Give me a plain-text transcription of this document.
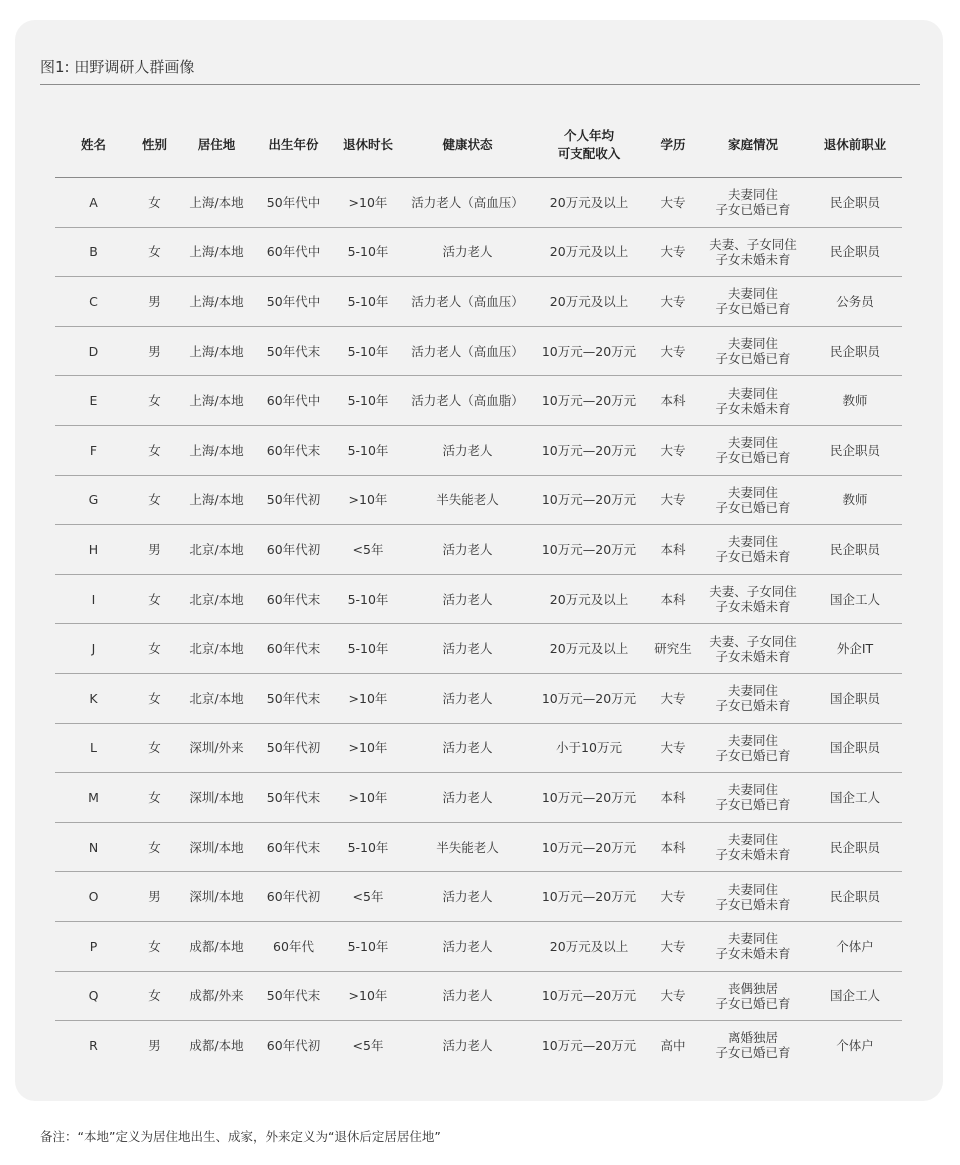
图1: 田野调研人群画像
姓名	性别	居住地	出生年份	退休时长	健康状态	个人年均
可支配收入	学历	家庭情况	退休前职业

A	女	上海/本地	50年代中	>10年	活力老人（高血压）	20万元及以上	大专	夫妻同住
子女已婚已育	民企职员
B	女	上海/本地	60年代中	5-10年	活力老人	20万元及以上	大专	夫妻、子女同住
子女未婚未育	民企职员
C	男	上海/本地	50年代中	5-10年	活力老人（高血压）	20万元及以上	大专	夫妻同住
子女已婚已育	公务员
D	男	上海/本地	50年代末	5-10年	活力老人（高血压）	10万元—20万元	大专	夫妻同住
子女已婚已育	民企职员
E	女	上海/本地	60年代中	5-10年	活力老人（高血脂）	10万元—20万元	本科	夫妻同住
子女未婚未育	教师
F	女	上海/本地	60年代末	5-10年	活力老人	10万元—20万元	大专	夫妻同住
子女已婚已育	民企职员
G	女	上海/本地	50年代初	>10年	半失能老人	10万元—20万元	大专	夫妻同住
子女已婚已育	教师
H	男	北京/本地	60年代初	<5年	活力老人	10万元—20万元	本科	夫妻同住
子女已婚未育	民企职员
I	女	北京/本地	60年代末	5-10年	活力老人	20万元及以上	本科	夫妻、子女同住
子女未婚未育	国企工人
J	女	北京/本地	60年代末	5-10年	活力老人	20万元及以上	研究生	夫妻、子女同住
子女未婚未育	外企IT
K	女	北京/本地	50年代末	>10年	活力老人	10万元—20万元	大专	夫妻同住
子女已婚未育	国企职员
L	女	深圳/外来	50年代初	>10年	活力老人	小于10万元	大专	夫妻同住
子女已婚已育	国企职员
M	女	深圳/本地	50年代末	>10年	活力老人	10万元—20万元	本科	夫妻同住
子女已婚已育	国企工人
N	女	深圳/本地	60年代末	5-10年	半失能老人	10万元—20万元	本科	夫妻同住
子女未婚未育	民企职员
O	男	深圳/本地	60年代初	<5年	活力老人	10万元—20万元	大专	夫妻同住
子女已婚未育	民企职员
P	女	成都/本地	60年代	5-10年	活力老人	20万元及以上	大专	夫妻同住
子女未婚未育	个体户
Q	女	成都/外来	50年代末	>10年	活力老人	10万元—20万元	大专	丧偶独居
子女已婚已育	国企工人
R	男	成都/本地	60年代初	<5年	活力老人	10万元—20万元	高中	离婚独居
子女已婚已育	个体户
备注：“本地”定义为居住地出生、成家，外来定义为“退休后定居居住地”
